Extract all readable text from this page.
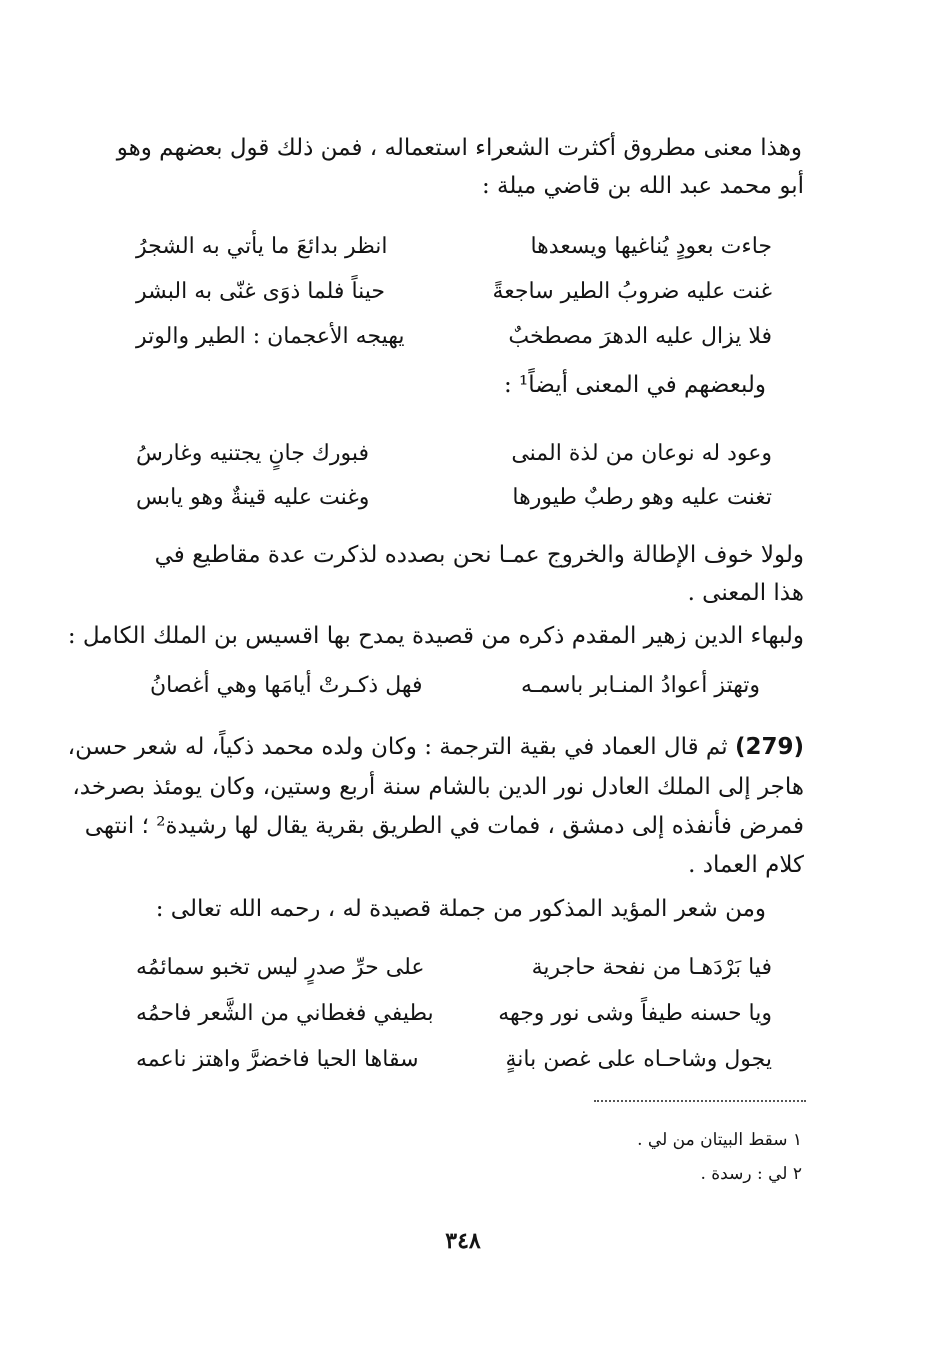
وهذا معنى مطروق أكثرت الشعراء استعماله ، فمن ذلك قول بعضهم وهو
أبو محمد عبد الله بن قاضي ميلة :
جاءت بعودٍ يُناغيها ويسعدها
انظر بدائعَ ما يأتي به الشجرُ
غنت عليه ضروبُ الطير ساجعةً
حيناً فلما ذوَى غنّى به البشر
فلا يزال عليه الدهرَ مصطخبٌ
يهيجه الأعجمان : الطير والوتر
ولبعضهم في المعنى أيضاً¹ :
وعود له نوعان من لذة المنى
فبورك جانٍ يجتنيه وغارسُ
تغنت عليه وهو رطبٌ طيورها
وغنت عليه قينةٌ وهو يابس
ولولا خوف الإطالة والخروج عمـا نحن بصدده لذكرت عدة مقاطيع في
هذا المعنى .
ولبهاء الدين زهير المقدم ذكره من قصيدة يمدح بها اقسيس بن الملك الكامل :
وتهتز أعوادُ المنـابر باسمـه
فهل ذكـرتْ أيامَها وهي أغصانُ
(279) ثم قال العماد في بقية الترجمة : وكان ولده محمد ذكياً، له شعر حسن،
هاجر إلى الملك العادل نور الدين بالشام سنة أربع وستين، وكان يومئذ بصرخد،
فمرض فأنفذه إلى دمشق ، فمات في الطريق بقرية يقال لها رشيدة² ؛ انتهى
كلام العماد .
ومن شعر المؤيد المذكور من جملة قصيدة له ، رحمه الله تعالى :
فيا بَرْدَهـا من نفحة حاجرية
على حرِّ صدرٍ ليس تخبو سمائمُه
ويا حسنه طيفاً وشى نور وجهه
بطيفي فغطاني من الشَّعر فاحمُه
يجول وشاحـاه على غصن بانةٍ
سقاها الحيا فاخضرَّ واهتز ناعمه
١ سقط البيتان من لي .
٢ لي : رسدة .
٣٤٨
